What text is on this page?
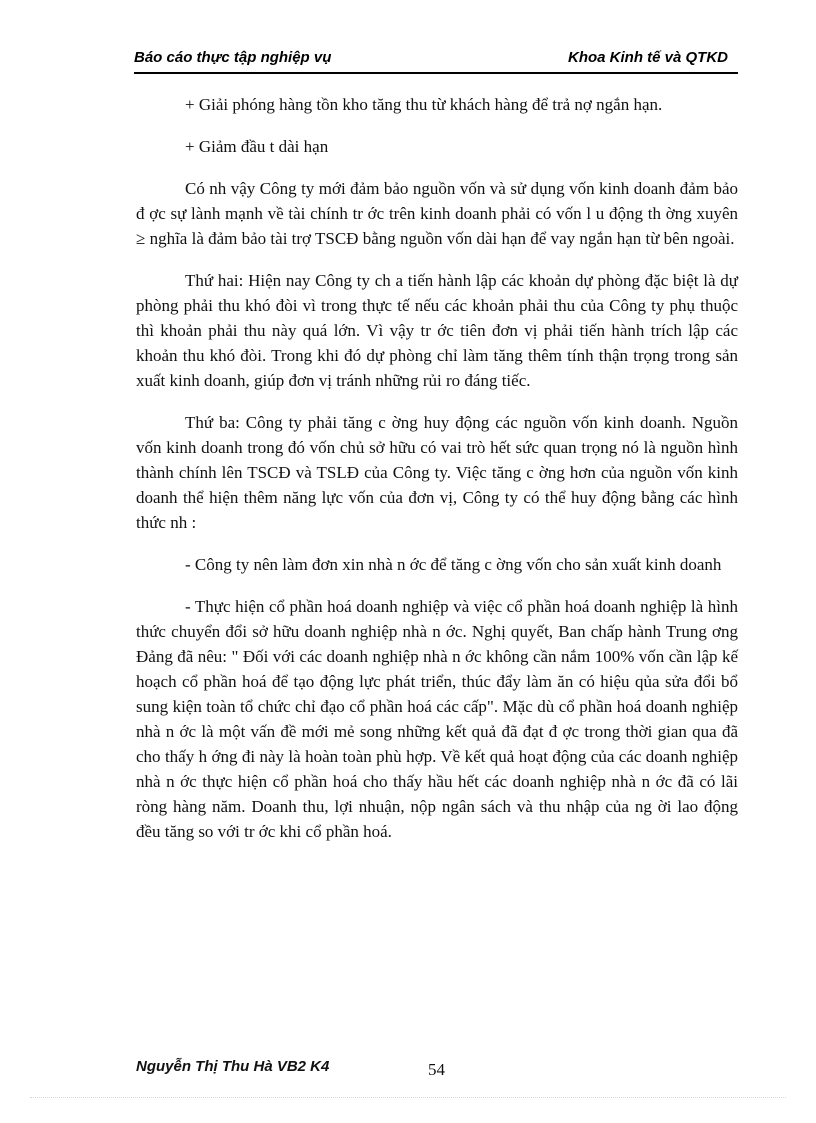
Báo cáo thực tập nghiệp vụ	Khoa Kinh tế và QTKD

+ Giải phóng hàng tồn kho tăng thu từ khách hàng để trả nợ ngắn hạn.

+ Giảm đầu t dài hạn

Có nh vậy Công ty mới đảm bảo nguồn vốn và sử dụng vốn kinh doanh đảm bảo đ ợc sự lành mạnh về tài chính tr ớc trên kinh doanh phải có vốn l u động th ờng xuyên ≥ nghĩa là đảm bảo tài trợ TSCĐ bằng nguồn vốn dài hạn để vay ngắn hạn từ bên ngoài.

Thứ hai: Hiện nay Công ty ch a tiến hành lập các khoản dự phòng đặc biệt là dự phòng phải thu khó đòi vì trong thực tế nếu các khoản phải thu của Công ty phụ thuộc thì khoản phải thu này quá lớn. Vì vậy tr ớc tiên đơn vị phải tiến hành trích lập các khoản thu khó đòi. Trong khi đó dự phòng chỉ làm tăng thêm tính thận trọng trong sản xuất kinh doanh, giúp đơn vị tránh những rủi ro đáng tiếc.

Thứ ba: Công ty phải tăng c ờng huy động các nguồn vốn kinh doanh. Nguồn vốn kinh doanh trong đó vốn chủ sở hữu có vai trò hết sức quan trọng nó là nguồn hình thành chính lên TSCĐ và TSLĐ của Công ty. Việc tăng c ờng hơn của nguồn vốn kinh doanh thể hiện thêm năng lực vốn của đơn vị, Công ty có thể huy động bằng các hình thức nh :

- Công ty nên làm đơn xin nhà n ớc để tăng c ờng vốn cho sản xuất kinh doanh

- Thực hiện cổ phần hoá doanh nghiệp và việc cổ phần hoá doanh nghiệp là hình thức chuyển đổi sở hữu doanh nghiệp nhà n ớc. Nghị quyết, Ban chấp hành Trung ơng Đảng đã nêu: " Đối với các doanh nghiệp nhà n ớc không cần nắm 100% vốn cần lập kế hoạch cổ phần hoá để tạo động lực phát triển, thúc đẩy làm ăn có hiệu qủa sửa đổi bổ sung kiện toàn tổ chức chỉ đạo cổ phần hoá các cấp". Mặc dù cổ phần hoá doanh nghiệp nhà n ớc là một vấn đề mới mẻ song những kết quả đã đạt đ ợc trong thời gian qua đã cho thấy h ớng đi này là hoàn toàn phù hợp. Về kết quả hoạt động của các doanh nghiệp nhà n ớc thực hiện cổ phần hoá cho thấy hầu hết các doanh nghiệp nhà n ớc đã có lãi ròng hàng năm. Doanh thu, lợi nhuận, nộp ngân sách và thu nhập của ng ời lao động đều tăng so với tr ớc khi cổ phần hoá.

Nguyễn Thị Thu Hà VB2 K4	54
